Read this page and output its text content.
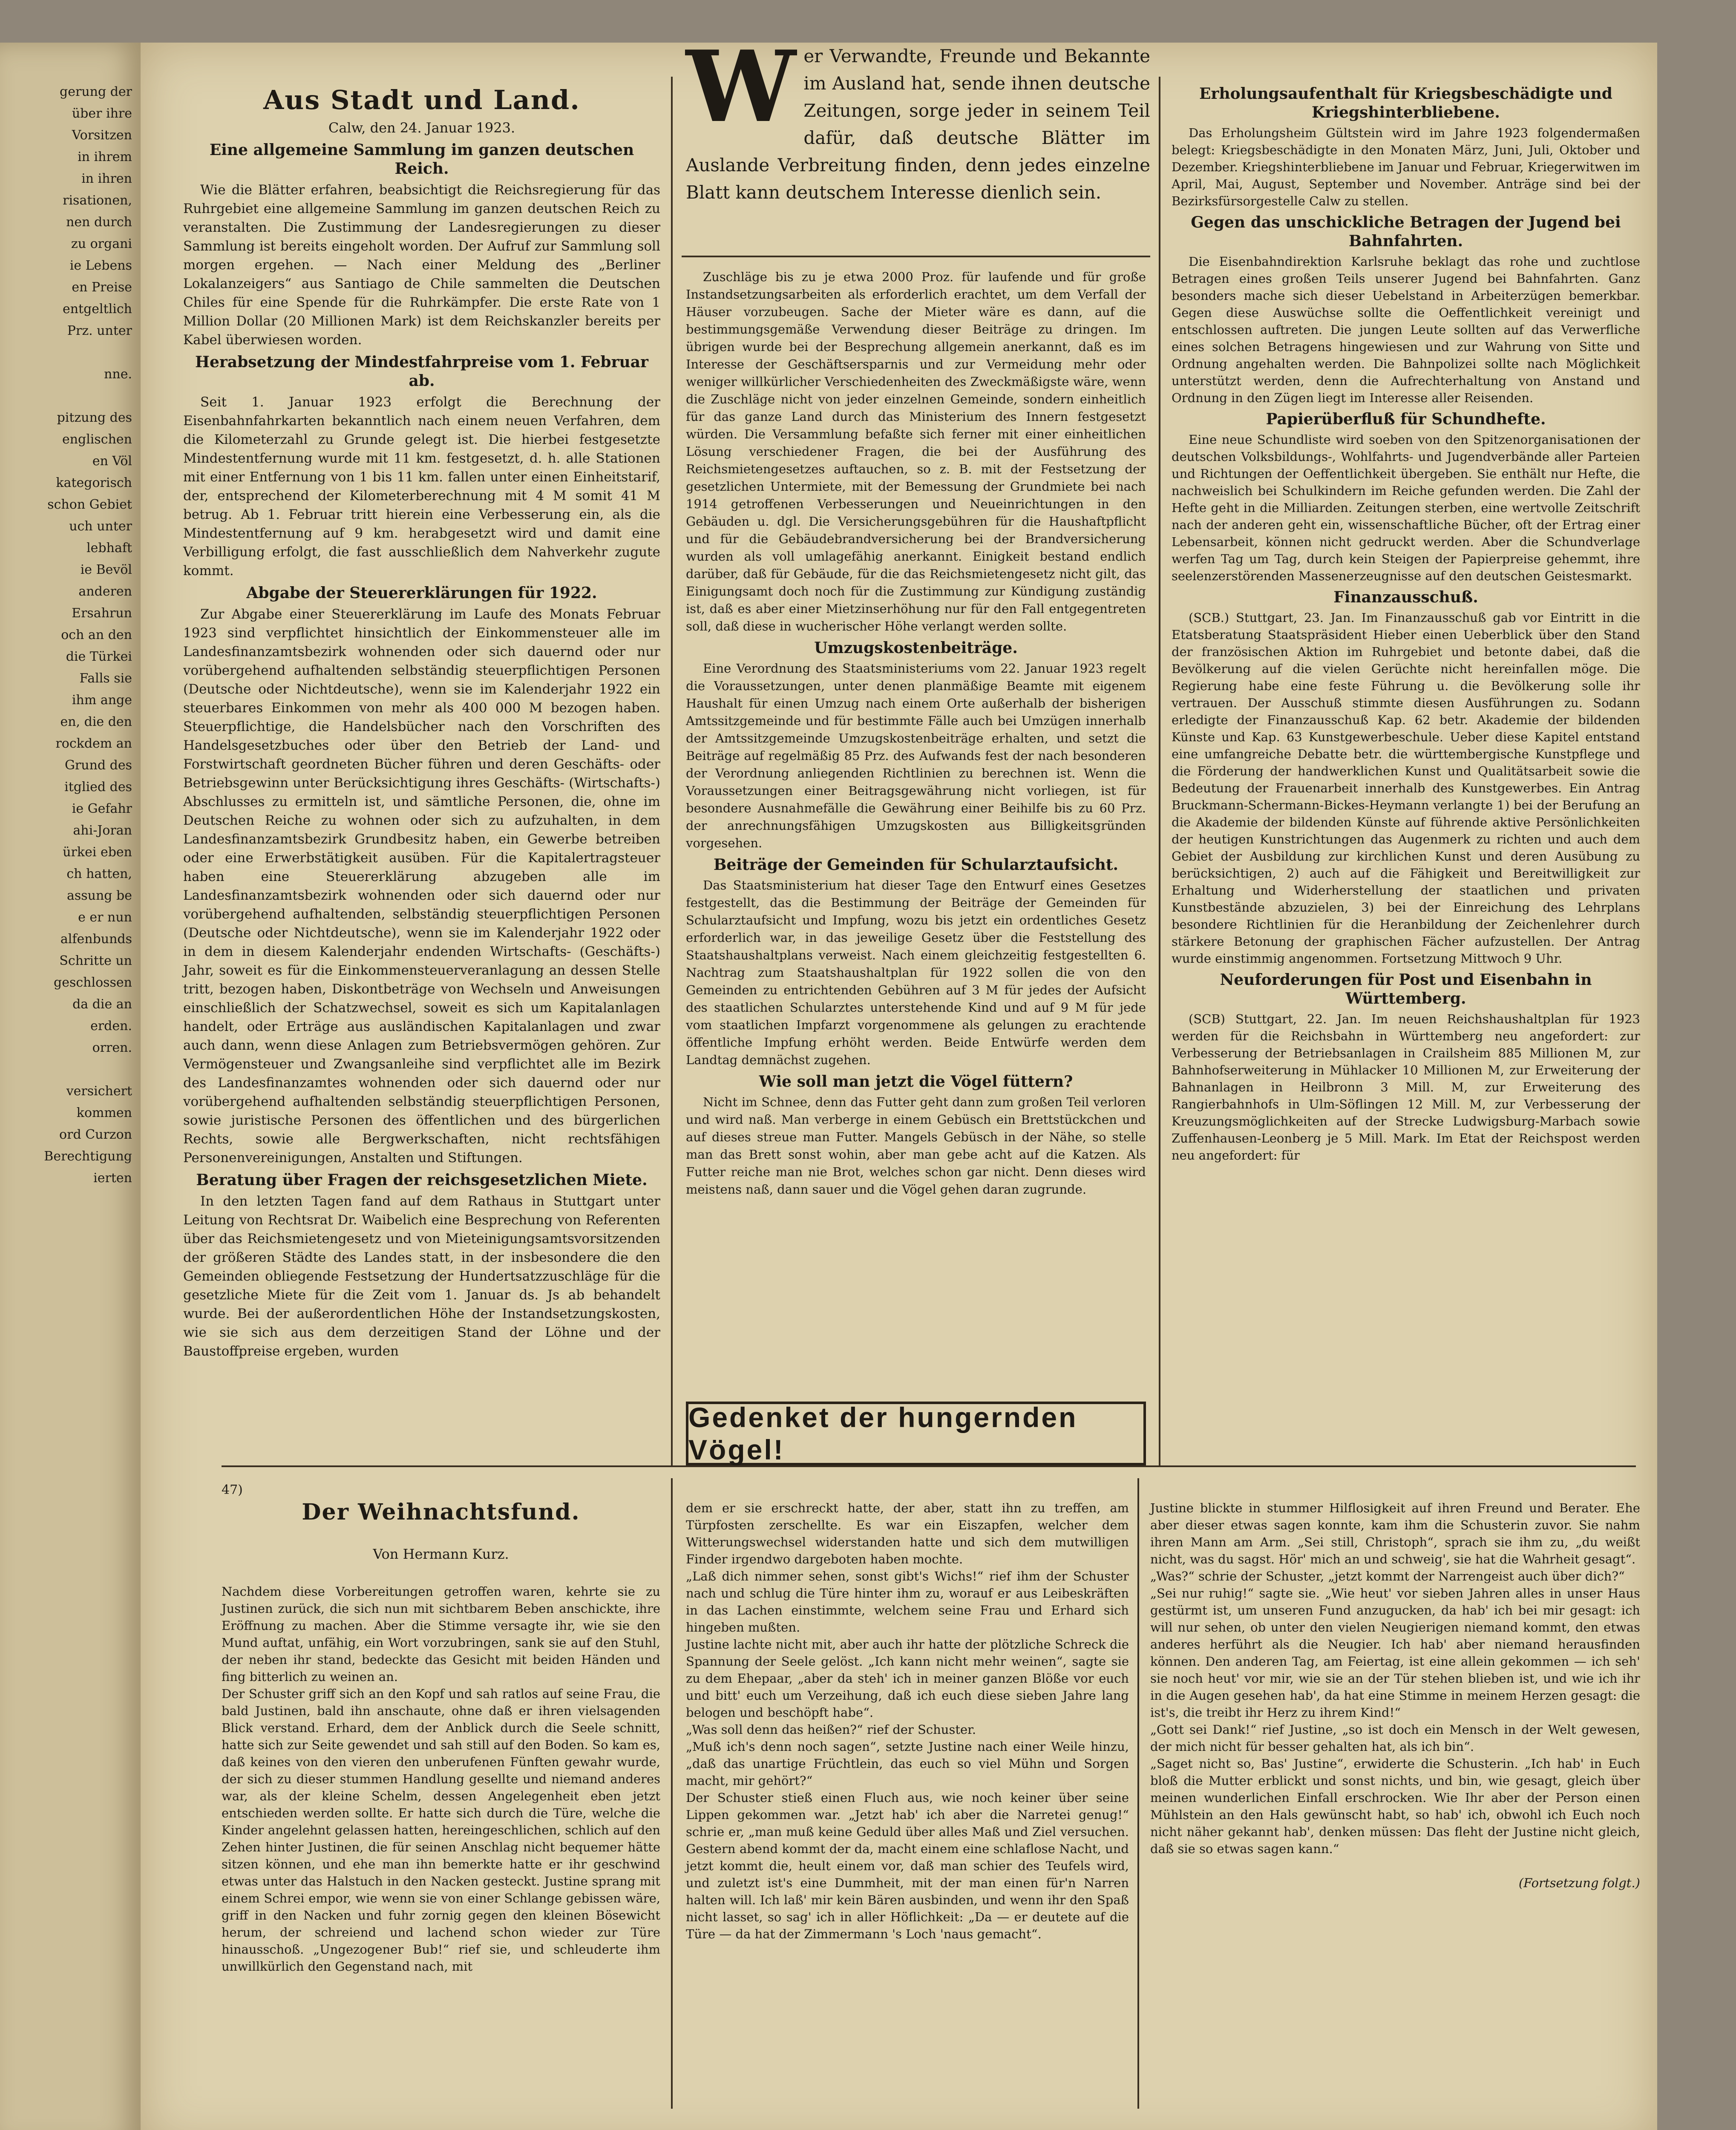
gerung der
über ihre
Vorsitzen
in ihrem
in ihren
risationen,
nen durch
zu organi
ie Lebens
en Preise
entgeltlich
Prz. unter

nne.

pitzung des
englischen
en Völ
kategorisch
schon Gebiet
uch unter
lebhaft
ie Bevöl
anderen
Ersahrun
och an den
die Türkei
Falls sie
ihm ange
en, die den
rockdem an
Grund des
itglied des
ie Gefahr
ahi-Joran
ürkei eben
ch hatten,
assung be
e er nun
alfenbunds
Schritte un
geschlossen
da die an
erden.
orren.

versichert
kommen
ord Curzon
Berechtigung
ierten
Aus Stadt und Land.
Calw, den 24. Januar 1923.
Eine allgemeine Sammlung im ganzen deutschen Reich.

Wie die Blätter erfahren, beabsichtigt die Reichsregierung für das Ruhrgebiet eine allgemeine Sammlung im ganzen deutschen Reich zu veranstalten. Die Zustimmung der Landesregierungen zu dieser Sammlung ist bereits eingeholt worden. Der Aufruf zur Sammlung soll morgen ergehen. — Nach einer Meldung des „Berliner Lokalanzeigers“ aus Santiago de Chile sammelten die Deutschen Chiles für eine Spende für die Ruhrkämpfer. Die erste Rate von 1 Million Dollar (20 Millionen Mark) ist dem Reichskanzler bereits per Kabel überwiesen worden.

Herabsetzung der Mindestfahrpreise vom 1. Februar ab.

Seit 1. Januar 1923 erfolgt die Berechnung der Eisenbahnfahrkarten bekanntlich nach einem neuen Verfahren, dem die Kilometerzahl zu Grunde gelegt ist. Die hierbei festgesetzte Mindestentfernung wurde mit 11 km. festgesetzt, d. h. alle Stationen mit einer Entfernung von 1 bis 11 km. fallen unter einen Einheitstarif, der, entsprechend der Kilometerberechnung mit 4 M somit 41 M betrug. Ab 1. Februar tritt hierein eine Verbesserung ein, als die Mindestentfernung auf 9 km. herabgesetzt wird und damit eine Verbilligung erfolgt, die fast ausschließlich dem Nahverkehr zugute kommt.

Abgabe der Steuererklärungen für 1922.

Zur Abgabe einer Steuererklärung im Laufe des Monats Februar 1923 sind verpflichtet hinsichtlich der Einkommensteuer alle im Landesfinanzamtsbezirk wohnenden oder sich dauernd oder nur vorübergehend aufhaltenden selbständig steuerpflichtigen Personen (Deutsche oder Nichtdeutsche), wenn sie im Kalenderjahr 1922 ein steuerbares Einkommen von mehr als 400 000 M bezogen haben. Steuerpflichtige, die Handelsbücher nach den Vorschriften des Handelsgesetzbuches oder über den Betrieb der Land- und Forstwirtschaft geordneten Bücher führen und deren Geschäfts- oder Betriebsgewinn unter Berücksichtigung ihres Geschäfts- (Wirtschafts-) Abschlusses zu ermitteln ist, und sämtliche Personen, die, ohne im Deutschen Reiche zu wohnen oder sich zu aufzuhalten, in dem Landesfinanzamtsbezirk Grundbesitz haben, ein Gewerbe betreiben oder eine Erwerbstätigkeit ausüben. Für die Kapitalertragsteuer haben eine Steuererklärung abzugeben alle im Landesfinanzamtsbezirk wohnenden oder sich dauernd oder nur vorübergehend aufhaltenden, selbständig steuerpflichtigen Personen (Deutsche oder Nichtdeutsche), wenn sie im Kalenderjahr 1922 oder in dem in diesem Kalenderjahr endenden Wirtschafts- (Geschäfts-) Jahr, soweit es für die Einkommensteuerveranlagung an dessen Stelle tritt, bezogen haben, Diskontbeträge von Wechseln und Anweisungen einschließlich der Schatzwechsel, soweit es sich um Kapitalanlagen handelt, oder Erträge aus ausländischen Kapitalanlagen und zwar auch dann, wenn diese Anlagen zum Betriebsvermögen gehören. Zur Vermögensteuer und Zwangsanleihe sind verpflichtet alle im Bezirk des Landesfinanzamtes wohnenden oder sich dauernd oder nur vorübergehend aufhaltenden selbständig steuerpflichtigen Personen, sowie juristische Personen des öffentlichen und des bürgerlichen Rechts, sowie alle Bergwerkschaften, nicht rechtsfähigen Personenvereinigungen, Anstalten und Stiftungen.

Beratung über Fragen der reichsgesetzlichen Miete.

In den letzten Tagen fand auf dem Rathaus in Stuttgart unter Leitung von Rechtsrat Dr. Waibelich eine Besprechung von Referenten über das Reichsmietengesetz und von Mieteinigungsamtsvorsitzenden der größeren Städte des Landes statt, in der insbesondere die den Gemeinden obliegende Festsetzung der Hundertsatzzuschläge für die gesetzliche Miete für die Zeit vom 1. Januar ds. Js ab behandelt wurde. Bei der außerordentlichen Höhe der Instandsetzungskosten, wie sie sich aus dem derzeitigen Stand der Löhne und der Baustoffpreise ergeben, wurden

W er Verwandte, Freunde und Bekannte im Ausland hat, sende ihnen deutsche Zeitungen, sorge jeder in seinem Teil dafür, daß deutsche Blätter im Auslande Verbreitung finden, denn jedes einzelne Blatt kann deutschem Interesse dienlich sein.

Zuschläge bis zu je etwa 2000 Proz. für laufende und für große Instandsetzungsarbeiten als erforderlich erachtet, um dem Verfall der Häuser vorzubeugen. Sache der Mieter wäre es dann, auf die bestimmungsgemäße Verwendung dieser Beiträge zu dringen. Im übrigen wurde bei der Besprechung allgemein anerkannt, daß es im Interesse der Geschäftsersparnis und zur Vermeidung mehr oder weniger willkürlicher Verschiedenheiten des Zweckmäßigste wäre, wenn die Zuschläge nicht von jeder einzelnen Gemeinde, sondern einheitlich für das ganze Land durch das Ministerium des Innern festgesetzt würden. Die Versammlung befaßte sich ferner mit einer einheitlichen Lösung verschiedener Fragen, die bei der Ausführung des Reichsmietengesetzes auftauchen, so z. B. mit der Festsetzung der gesetzlichen Untermiete, mit der Bemessung der Grundmiete bei nach 1914 getroffenen Verbesserungen und Neueinrichtungen in den Gebäuden u. dgl. Die Versicherungsgebühren für die Haushaftpflicht und für die Gebäudebrandversicherung bei der Brandversicherung wurden als voll umlagefähig anerkannt. Einigkeit bestand endlich darüber, daß für Gebäude, für die das Reichsmietengesetz nicht gilt, das Einigungsamt doch noch für die Zustimmung zur Kündigung zuständig ist, daß es aber einer Mietzinserhöhung nur für den Fall entgegentreten soll, daß diese in wucherischer Höhe verlangt werden sollte.

Umzugskostenbeiträge.

Eine Verordnung des Staatsministeriums vom 22. Januar 1923 regelt die Voraussetzungen, unter denen planmäßige Beamte mit eigenem Haushalt für einen Umzug nach einem Orte außerhalb der bisherigen Amtssitzgemeinde und für bestimmte Fälle auch bei Umzügen innerhalb der Amtssitzgemeinde Umzugskostenbeiträge erhalten, und setzt die Beiträge auf regelmäßig 85 Prz. des Aufwands fest der nach besonderen der Verordnung anliegenden Richtlinien zu berechnen ist. Wenn die Voraussetzungen einer Beitragsgewährung nicht vorliegen, ist für besondere Ausnahmefälle die Gewährung einer Beihilfe bis zu 60 Prz. der anrechnungsfähigen Umzugskosten aus Billigkeitsgründen vorgesehen.

Beiträge der Gemeinden für Schularztaufsicht.

Das Staatsministerium hat dieser Tage den Entwurf eines Gesetzes festgestellt, das die Bestimmung der Beiträge der Gemeinden für Schularztaufsicht und Impfung, wozu bis jetzt ein ordentliches Gesetz erforderlich war, in das jeweilige Gesetz über die Feststellung des Staatshaushaltplans verweist. Nach einem gleichzeitig festgestellten 6. Nachtrag zum Staatshaushaltplan für 1922 sollen die von den Gemeinden zu entrichtenden Gebühren auf 3 M für jedes der Aufsicht des staatlichen Schularztes unterstehende Kind und auf 9 M für jede vom staatlichen Impfarzt vorgenommene als gelungen zu erachtende öffentliche Impfung erhöht werden. Beide Entwürfe werden dem Landtag demnächst zugehen.

Wie soll man jetzt die Vögel füttern?

Nicht im Schnee, denn das Futter geht dann zum großen Teil verloren und wird naß. Man verberge in einem Gebüsch ein Brettstückchen und auf dieses streue man Futter. Mangels Gebüsch in der Nähe, so stelle man das Brett sonst wohin, aber man gebe acht auf die Katzen. Als Futter reiche man nie Brot, welches schon gar nicht. Denn dieses wird meistens naß, dann sauer und die Vögel gehen daran zugrunde.

Gedenket der hungernden Vögel!
Erholungsaufenthalt für Kriegsbeschädigte und Kriegshinterbliebene.

Das Erholungsheim Gültstein wird im Jahre 1923 folgendermaßen belegt: Kriegsbeschädigte in den Monaten März, Juni, Juli, Oktober und Dezember. Kriegshinterbliebene im Januar und Februar, Kriegerwitwen im April, Mai, August, September und November. Anträge sind bei der Bezirksfürsorgestelle Calw zu stellen.

Gegen das unschickliche Betragen der Jugend bei Bahnfahrten.

Die Eisenbahndirektion Karlsruhe beklagt das rohe und zuchtlose Betragen eines großen Teils unserer Jugend bei Bahnfahrten. Ganz besonders mache sich dieser Uebelstand in Arbeiterzügen bemerkbar. Gegen diese Auswüchse sollte die Oeffentlichkeit vereinigt und entschlossen auftreten. Die jungen Leute sollten auf das Verwerfliche eines solchen Betragens hingewiesen und zur Wahrung von Sitte und Ordnung angehalten werden. Die Bahnpolizei sollte nach Möglichkeit unterstützt werden, denn die Aufrechterhaltung von Anstand und Ordnung in den Zügen liegt im Interesse aller Reisenden.

Papierüberfluß für Schundhefte.

Eine neue Schundliste wird soeben von den Spitzenorganisationen der deutschen Volksbildungs-, Wohlfahrts- und Jugendverbände aller Parteien und Richtungen der Oeffentlichkeit übergeben. Sie enthält nur Hefte, die nachweislich bei Schulkindern im Reiche gefunden werden. Die Zahl der Hefte geht in die Milliarden. Zeitungen sterben, eine wertvolle Zeitschrift nach der anderen geht ein, wissenschaftliche Bücher, oft der Ertrag einer Lebensarbeit, können nicht gedruckt werden. Aber die Schundverlage werfen Tag um Tag, durch kein Steigen der Papierpreise gehemmt, ihre seelenzerstörenden Massenerzeugnisse auf den deutschen Geistesmarkt.

Finanzausschuß.

(SCB.) Stuttgart, 23. Jan. Im Finanzausschuß gab vor Eintritt in die Etatsberatung Staatspräsident Hieber einen Ueberblick über den Stand der französischen Aktion im Ruhrgebiet und betonte dabei, daß die Bevölkerung auf die vielen Gerüchte nicht hereinfallen möge. Die Regierung habe eine feste Führung u. die Bevölkerung solle ihr vertrauen. Der Ausschuß stimmte diesen Ausführungen zu. Sodann erledigte der Finanzausschuß Kap. 62 betr. Akademie der bildenden Künste und Kap. 63 Kunstgewerbeschule. Ueber diese Kapitel entstand eine umfangreiche Debatte betr. die württembergische Kunstpflege und die Förderung der handwerklichen Kunst und Qualitätsarbeit sowie die Bedeutung der Frauenarbeit innerhalb des Kunstgewerbes. Ein Antrag Bruckmann-Schermann-Bickes-Heymann verlangte 1) bei der Berufung an die Akademie der bildenden Künste auf führende aktive Persönlichkeiten der heutigen Kunstrichtungen das Augenmerk zu richten und auch dem Gebiet der Ausbildung zur kirchlichen Kunst und deren Ausübung zu berücksichtigen, 2) auch auf die Fähigkeit und Bereitwilligkeit zur Erhaltung und Widerherstellung der staatlichen und privaten Kunstbestände abzuzielen, 3) bei der Einreichung des Lehrplans besondere Richtlinien für die Heranbildung der Zeichenlehrer durch stärkere Betonung der graphischen Fächer aufzustellen. Der Antrag wurde einstimmig angenommen. Fortsetzung Mittwoch 9 Uhr.

Neuforderungen für Post und Eisenbahn in Württemberg.

(SCB) Stuttgart, 22. Jan. Im neuen Reichshaushaltplan für 1923 werden für die Reichsbahn in Württemberg neu angefordert: zur Verbesserung der Betriebsanlagen in Crailsheim 885 Millionen M, zur Bahnhofserweiterung in Mühlacker 10 Millionen M, zur Erweiterung der Bahnanlagen in Heilbronn 3 Mill. M, zur Erweiterung des Rangierbahnhofs in Ulm-Söflingen 12 Mill. M, zur Verbesserung der Kreuzungsmöglichkeiten auf der Strecke Ludwigsburg-Marbach sowie Zuffenhausen-Leonberg je 5 Mill. Mark. Im Etat der Reichspost werden neu angefordert: für

47)

Der Weihnachtsfund.

Von Hermann Kurz.

Nachdem diese Vorbereitungen getroffen waren, kehrte sie zu Justinen zurück, die sich nun mit sichtbarem Beben anschickte, ihre Eröffnung zu machen. Aber die Stimme versagte ihr, wie sie den Mund auftat, unfähig, ein Wort vorzubringen, sank sie auf den Stuhl, der neben ihr stand, bedeckte das Gesicht mit beiden Händen und fing bitterlich zu weinen an.
Der Schuster griff sich an den Kopf und sah ratlos auf seine Frau, die bald Justinen, bald ihn anschaute, ohne daß er ihren vielsagenden Blick verstand. Erhard, dem der Anblick durch die Seele schnitt, hatte sich zur Seite gewendet und sah still auf den Boden. So kam es, daß keines von den vieren den unberufenen Fünften gewahr wurde, der sich zu dieser stummen Handlung gesellte und niemand anderes war, als der kleine Schelm, dessen Angelegenheit eben jetzt entschieden werden sollte. Er hatte sich durch die Türe, welche die Kinder angelehnt gelassen hatten, hereingeschlichen, schlich auf den Zehen hinter Justinen, die für seinen Anschlag nicht bequemer hätte sitzen können, und ehe man ihn bemerkte hatte er ihr geschwind etwas unter das Halstuch in den Nacken gesteckt. Justine sprang mit einem Schrei empor, wie wenn sie von einer Schlange gebissen wäre, griff in den Nacken und fuhr zornig gegen den kleinen Bösewicht herum, der schreiend und lachend schon wieder zur Türe hinausschoß. „Ungezogener Bub!“ rief sie, und schleuderte ihm unwillkürlich den Gegenstand nach, mit

dem er sie erschreckt hatte, der aber, statt ihn zu treffen, am Türpfosten zerschellte. Es war ein Eiszapfen, welcher dem Witterungswechsel widerstanden hatte und sich dem mutwilligen Finder irgendwo dargeboten haben mochte.
„Laß dich nimmer sehen, sonst gibt's Wichs!“ rief ihm der Schuster nach und schlug die Türe hinter ihm zu, worauf er aus Leibeskräften in das Lachen einstimmte, welchem seine Frau und Erhard sich hingeben mußten.
Justine lachte nicht mit, aber auch ihr hatte der plötzliche Schreck die Spannung der Seele gelöst. „Ich kann nicht mehr weinen“, sagte sie zu dem Ehepaar, „aber da steh' ich in meiner ganzen Blöße vor euch und bitt' euch um Verzeihung, daß ich euch diese sieben Jahre lang belogen und beschöpft habe“.
„Was soll denn das heißen?“ rief der Schuster.
„Muß ich's denn noch sagen“, setzte Justine nach einer Weile hinzu, „daß das unartige Früchtlein, das euch so viel Mühn und Sorgen macht, mir gehört?“
Der Schuster stieß einen Fluch aus, wie noch keiner über seine Lippen gekommen war. „Jetzt hab' ich aber die Narretei genug!“ schrie er, „man muß keine Geduld über alles Maß und Ziel versuchen. Gestern abend kommt der da, macht einem eine schlaflose Nacht, und jetzt kommt die, heult einem vor, daß man schier des Teufels wird, und zuletzt ist's eine Dummheit, mit der man einen für'n Narren halten will. Ich laß' mir kein Bären ausbinden, und wenn ihr den Spaß nicht lasset, so sag' ich in aller Höflichkeit: „Da — er deutete auf die Türe — da hat der Zimmermann 's Loch 'naus gemacht“.

Justine blickte in stummer Hilflosigkeit auf ihren Freund und Berater. Ehe aber dieser etwas sagen konnte, kam ihm die Schusterin zuvor. Sie nahm ihren Mann am Arm. „Sei still, Christoph“, sprach sie ihm zu, „du weißt nicht, was du sagst. Hör' mich an und schweig', sie hat die Wahrheit gesagt“.
„Was?“ schrie der Schuster, „jetzt kommt der Narrengeist auch über dich?“
„Sei nur ruhig!“ sagte sie. „Wie heut' vor sieben Jahren alles in unser Haus gestürmt ist, um unseren Fund anzugucken, da hab' ich bei mir gesagt: ich will nur sehen, ob unter den vielen Neugierigen niemand kommt, den etwas anderes herführt als die Neugier. Ich hab' aber niemand herausfinden können. Den anderen Tag, am Feiertag, ist eine allein gekommen — ich seh' sie noch heut' vor mir, wie sie an der Tür stehen blieben ist, und wie ich ihr in die Augen gesehen hab', da hat eine Stimme in meinem Herzen gesagt: die ist's, die treibt ihr Herz zu ihrem Kind!“
„Gott sei Dank!“ rief Justine, „so ist doch ein Mensch in der Welt gewesen, der mich nicht für besser gehalten hat, als ich bin“.
„Saget nicht so, Bas' Justine“, erwiderte die Schusterin. „Ich hab' in Euch bloß die Mutter erblickt und sonst nichts, und bin, wie gesagt, gleich über meinen wunderlichen Einfall erschrocken. Wie Ihr aber der Person einen Mühlstein an den Hals gewünscht habt, so hab' ich, obwohl ich Euch noch nicht näher gekannt hab', denken müssen: Das fleht der Justine nicht gleich, daß sie so etwas sagen kann.“

(Fortsetzung folgt.)
